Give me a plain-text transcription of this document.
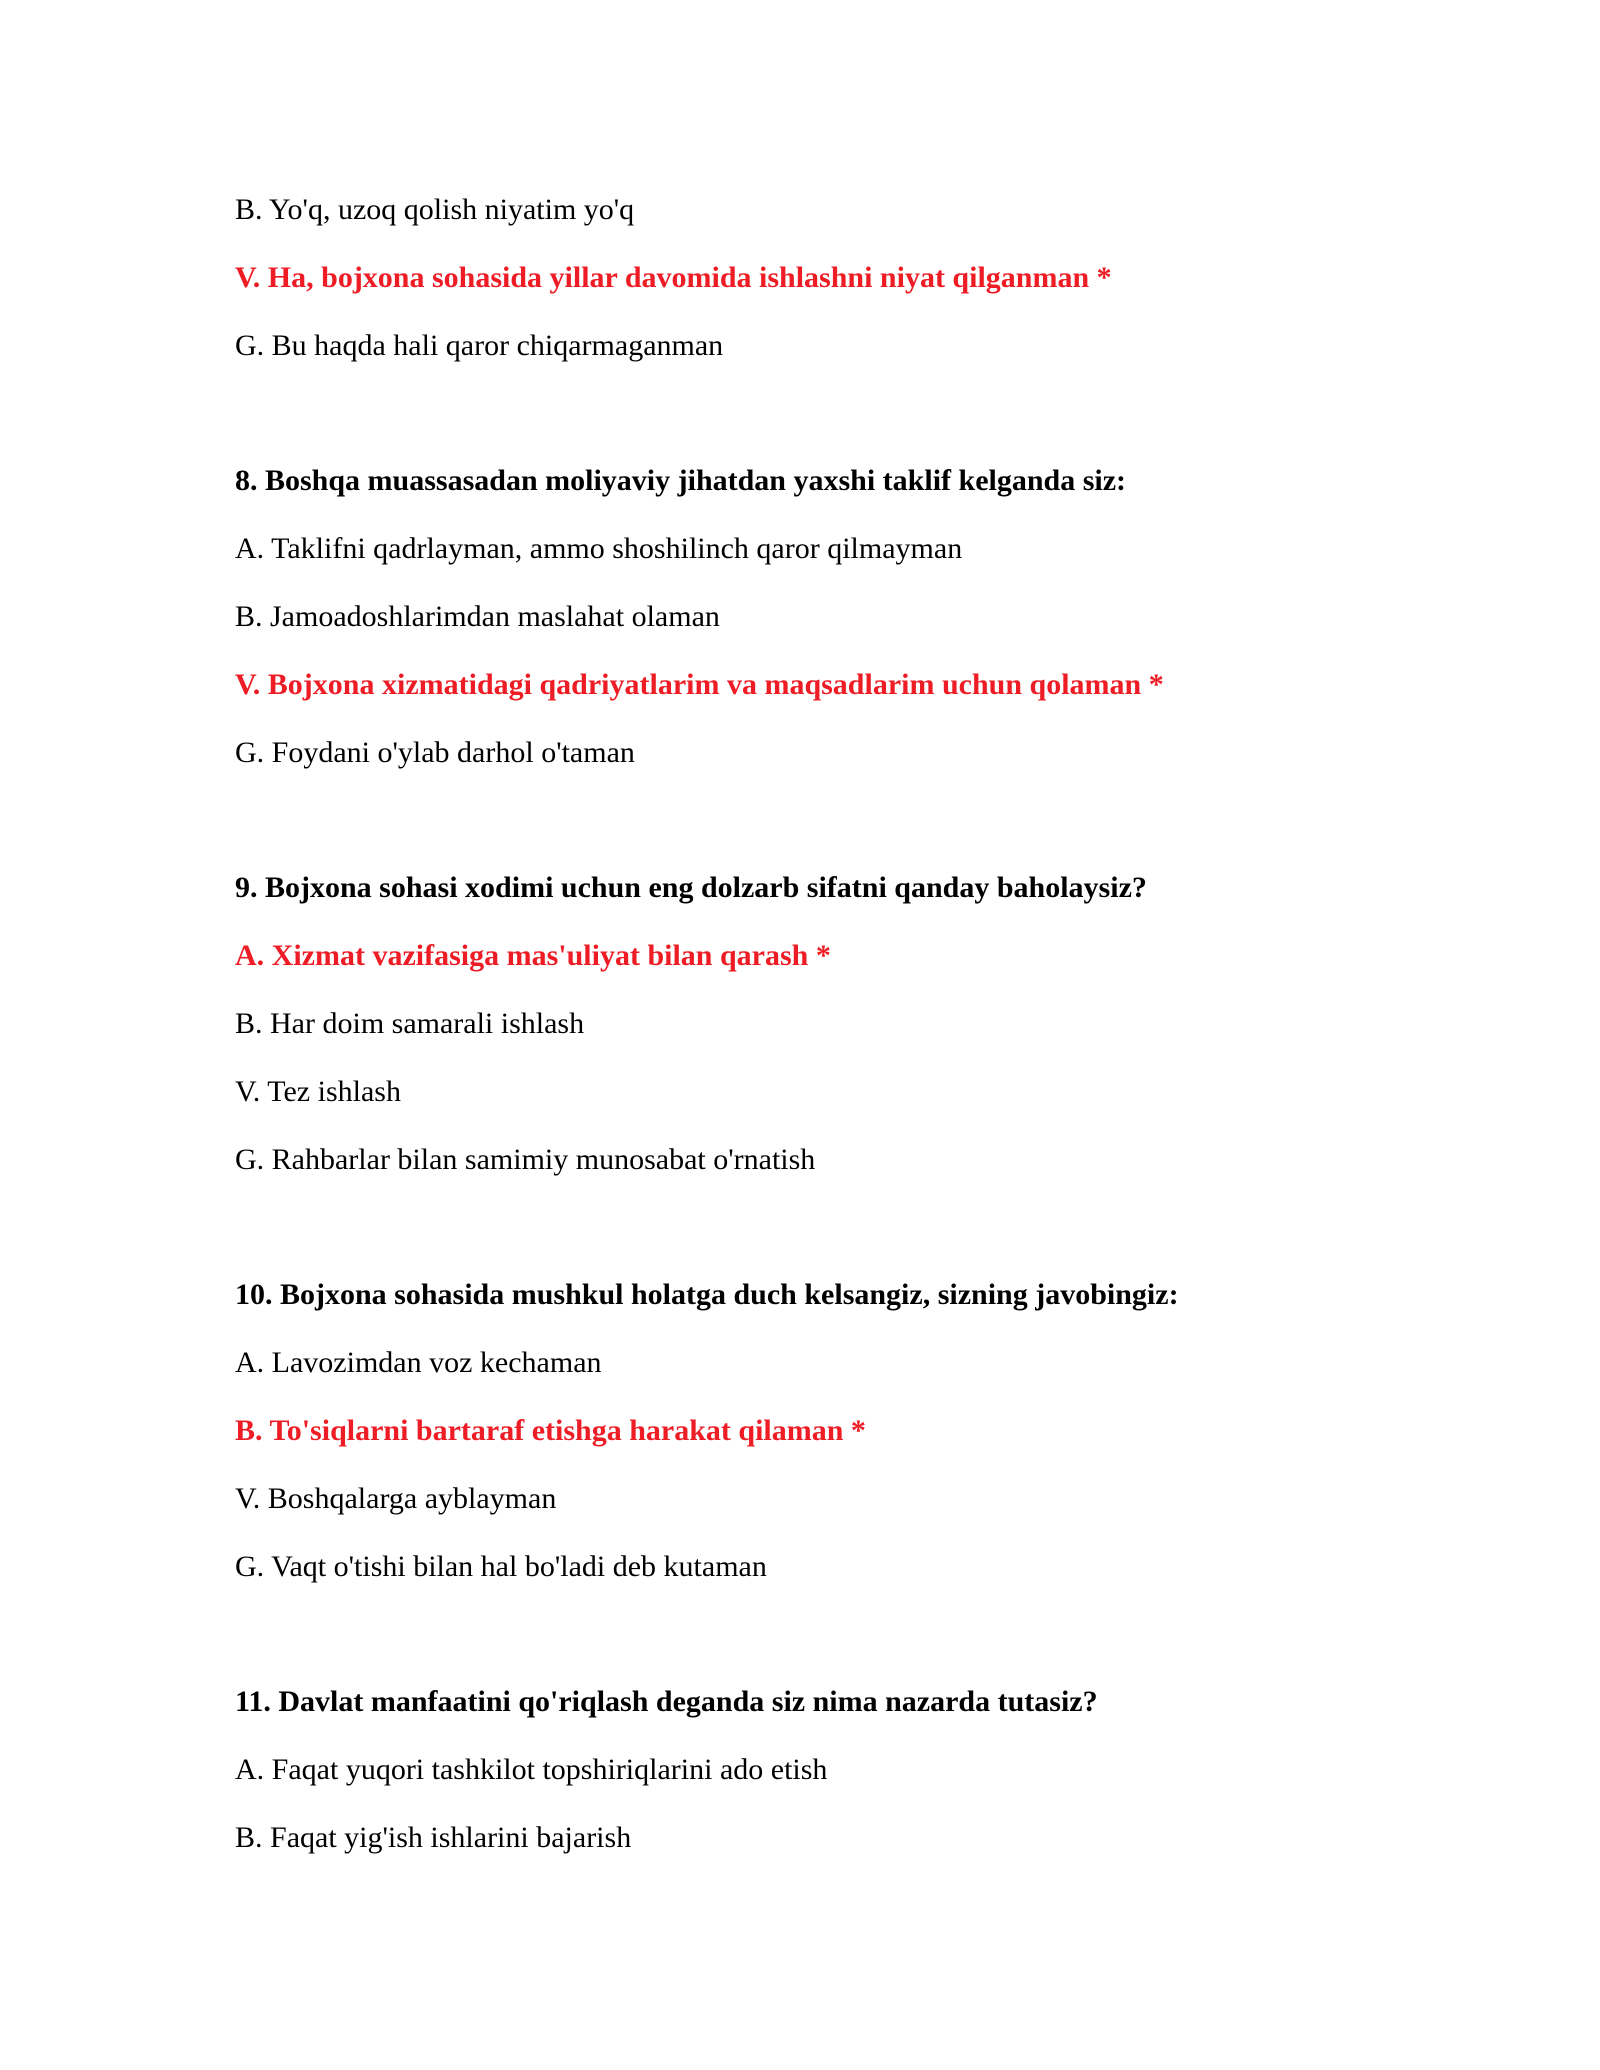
B. Yo'q, uzoq qolish niyatim yo'q
V. Ha, bojxona sohasida yillar davomida ishlashni niyat qilganman *
G. Bu haqda hali qaror chiqarmaganman
8. Boshqa muassasadan moliyaviy jihatdan yaxshi taklif kelganda siz:
A. Taklifni qadrlayman, ammo shoshilinch qaror qilmayman
B. Jamoadoshlarimdan maslahat olaman
V. Bojxona xizmatidagi qadriyatlarim va maqsadlarim uchun qolaman *
G. Foydani o'ylab darhol o'taman
9. Bojxona sohasi xodimi uchun eng dolzarb sifatni qanday baholaysiz?
A. Xizmat vazifasiga mas'uliyat bilan qarash *
B. Har doim samarali ishlash
V. Tez ishlash
G. Rahbarlar bilan samimiy munosabat o'rnatish
10. Bojxona sohasida mushkul holatga duch kelsangiz, sizning javobingiz:
A. Lavozimdan voz kechaman
B. To'siqlarni bartaraf etishga harakat qilaman *
V. Boshqalarga ayblayman
G. Vaqt o'tishi bilan hal bo'ladi deb kutaman
11. Davlat manfaatini qo'riqlash deganda siz nima nazarda tutasiz?
A. Faqat yuqori tashkilot topshiriqlarini ado etish
B. Faqat yig'ish ishlarini bajarish
